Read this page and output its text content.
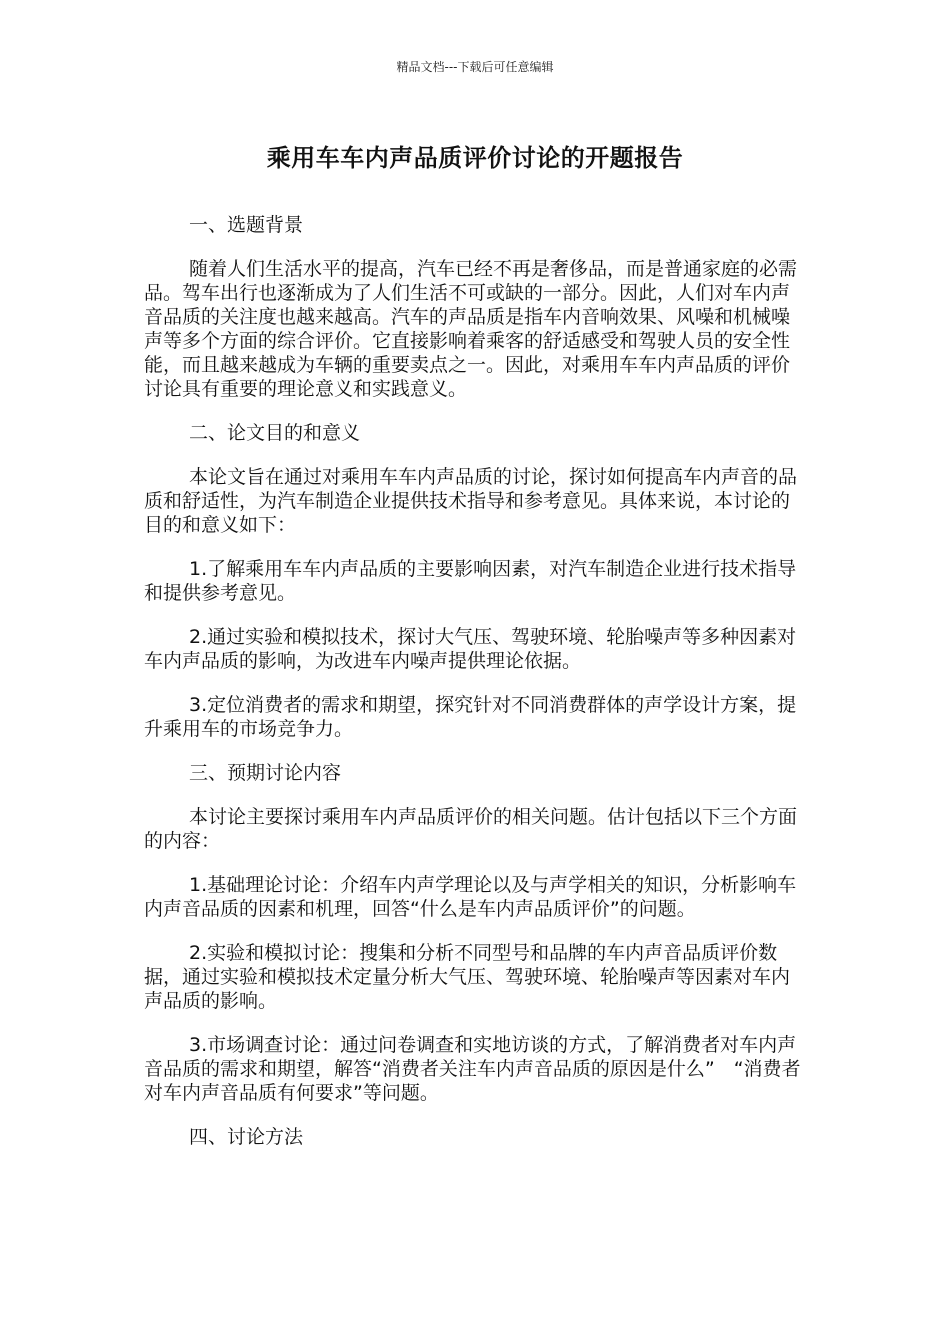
精品文档---下载后可任意编辑
乘用车车内声品质评价讨论的开题报告

一、选题背景

随着人们生活水平的提高，汽车已经不再是奢侈品，而是普通家庭的必需品。驾车出行也逐渐成为了人们生活不可或缺的一部分。因此，人们对车内声音品质的关注度也越来越高。汽车的声品质是指车内音响效果、风噪和机械噪声等多个方面的综合评价。它直接影响着乘客的舒适感受和驾驶人员的安全性能，而且越来越成为车辆的重要卖点之一。因此，对乘用车车内声品质的评价讨论具有重要的理论意义和实践意义。

二、论文目的和意义

本论文旨在通过对乘用车车内声品质的讨论，探讨如何提高车内声音的品质和舒适性，为汽车制造企业提供技术指导和参考意见。具体来说，本讨论的目的和意义如下：

1.了解乘用车车内声品质的主要影响因素，对汽车制造企业进行技术指导和提供参考意见。

2.通过实验和模拟技术，探讨大气压、驾驶环境、轮胎噪声等多种因素对车内声品质的影响，为改进车内噪声提供理论依据。

3.定位消费者的需求和期望，探究针对不同消费群体的声学设计方案，提升乘用车的市场竞争力。

三、预期讨论内容

本讨论主要探讨乘用车内声品质评价的相关问题。估计包括以下三个方面的内容：

1.基础理论讨论：介绍车内声学理论以及与声学相关的知识，分析影响车内声音品质的因素和机理，回答“什么是车内声品质评价”的问题。

2.实验和模拟讨论：搜集和分析不同型号和品牌的车内声音品质评价数据，通过实验和模拟技术定量分析大气压、驾驶环境、轮胎噪声等因素对车内声品质的影响。

3.市场调查讨论：通过问卷调查和实地访谈的方式，了解消费者对车内声音品质的需求和期望，解答“消费者关注车内声音品质的原因是什么”　“消费者对车内声音品质有何要求”等问题。

四、讨论方法
